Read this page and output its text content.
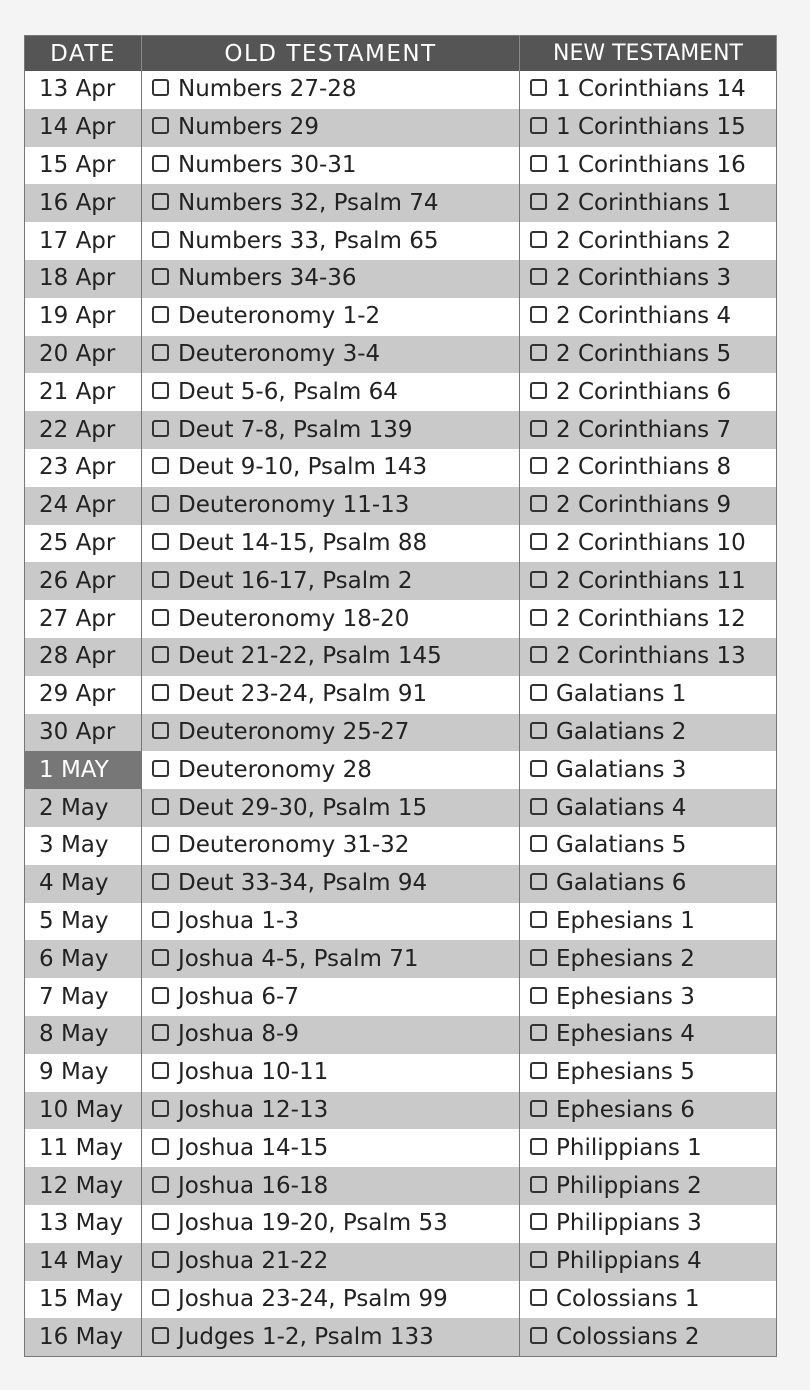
DATE	OLD TESTAMENT	NEW TESTAMENT
13 Apr	Numbers 27-28	1 Corinthians 14
14 Apr	Numbers 29	1 Corinthians 15
15 Apr	Numbers 30-31	1 Corinthians 16
16 Apr	Numbers 32, Psalm 74	2 Corinthians 1
17 Apr	Numbers 33, Psalm 65	2 Corinthians 2
18 Apr	Numbers 34-36	2 Corinthians 3
19 Apr	Deuteronomy 1-2	2 Corinthians 4
20 Apr	Deuteronomy 3-4	2 Corinthians 5
21 Apr	Deut 5-6, Psalm 64	2 Corinthians 6
22 Apr	Deut 7-8, Psalm 139	2 Corinthians 7
23 Apr	Deut 9-10, Psalm 143	2 Corinthians 8
24 Apr	Deuteronomy 11-13	2 Corinthians 9
25 Apr	Deut 14-15, Psalm 88	2 Corinthians 10
26 Apr	Deut 16-17, Psalm 2	2 Corinthians 11
27 Apr	Deuteronomy 18-20	2 Corinthians 12
28 Apr	Deut 21-22, Psalm 145	2 Corinthians 13
29 Apr	Deut 23-24, Psalm 91	Galatians 1
30 Apr	Deuteronomy 25-27	Galatians 2
1 MAY	Deuteronomy 28	Galatians 3
2 May	Deut 29-30, Psalm 15	Galatians 4
3 May	Deuteronomy 31-32	Galatians 5
4 May	Deut 33-34, Psalm 94	Galatians 6
5 May	Joshua 1-3	Ephesians 1
6 May	Joshua 4-5, Psalm 71	Ephesians 2
7 May	Joshua 6-7	Ephesians 3
8 May	Joshua 8-9	Ephesians 4
9 May	Joshua 10-11	Ephesians 5
10 May	Joshua 12-13	Ephesians 6
11 May	Joshua 14-15	Philippians 1
12 May	Joshua 16-18	Philippians 2
13 May	Joshua 19-20, Psalm 53	Philippians 3
14 May	Joshua 21-22	Philippians 4
15 May	Joshua 23-24, Psalm 99	Colossians 1
16 May	Judges 1-2, Psalm 133	Colossians 2
